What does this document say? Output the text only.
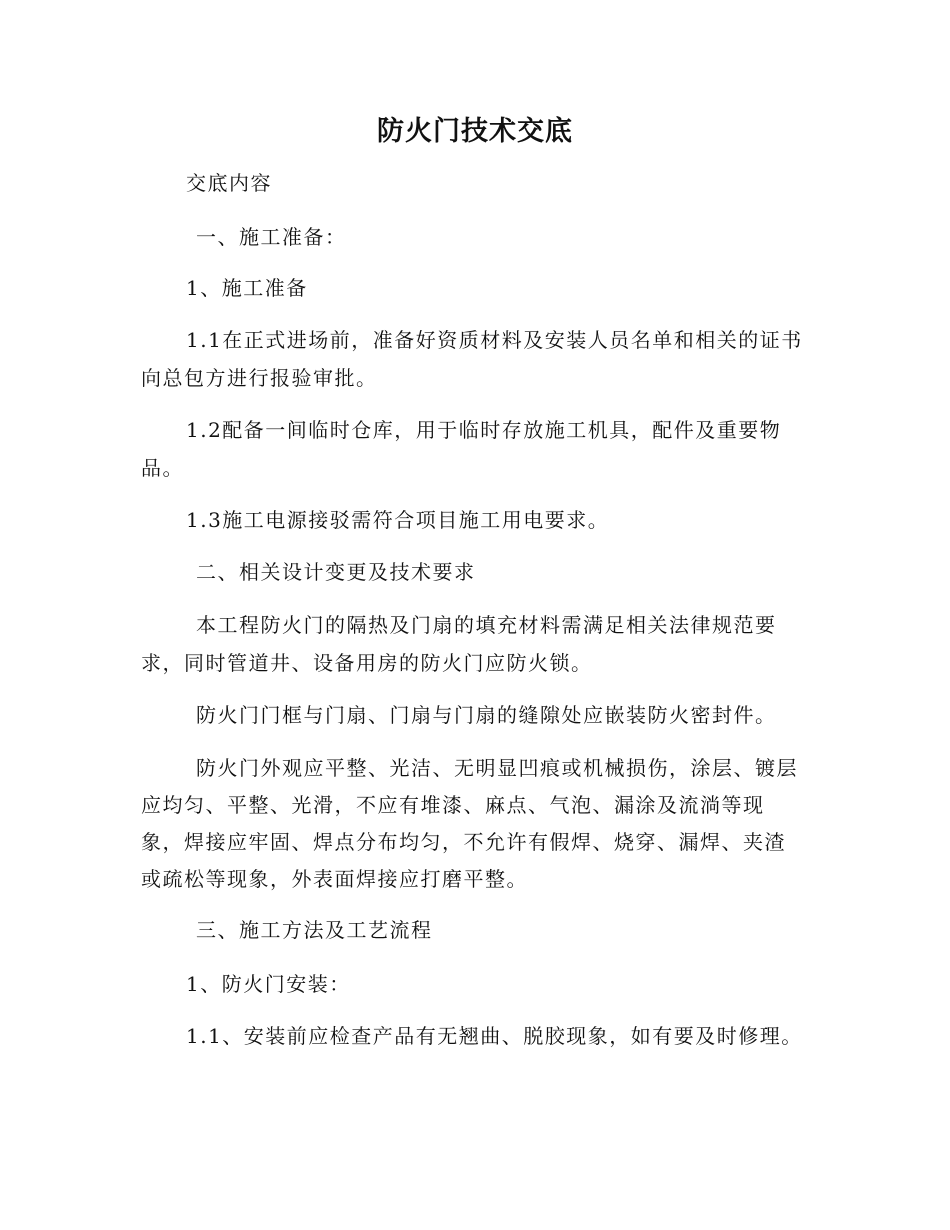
防火门技术交底
交底内容
一、施工准备：
1、施工准备
1.1在正式进场前，准备好资质材料及安装人员名单和相关的证书
向总包方进行报验审批。
1.2配备一间临时仓库，用于临时存放施工机具，配件及重要物
品。
1.3施工电源接驳需符合项目施工用电要求。
二、相关设计变更及技术要求
本工程防火门的隔热及门扇的填充材料需满足相关法律规范要
求，同时管道井、设备用房的防火门应防火锁。
防火门门框与门扇、门扇与门扇的缝隙处应嵌装防火密封件。
防火门外观应平整、光洁、无明显凹痕或机械损伤，涂层、镀层
应均匀、平整、光滑，不应有堆漆、麻点、气泡、漏涂及流淌等现
象，焊接应牢固、焊点分布均匀，不允许有假焊、烧穿、漏焊、夹渣
或疏松等现象，外表面焊接应打磨平整。
三、施工方法及工艺流程
1、防火门安装：
1.1、安装前应检查产品有无翘曲、脱胶现象，如有要及时修理。
